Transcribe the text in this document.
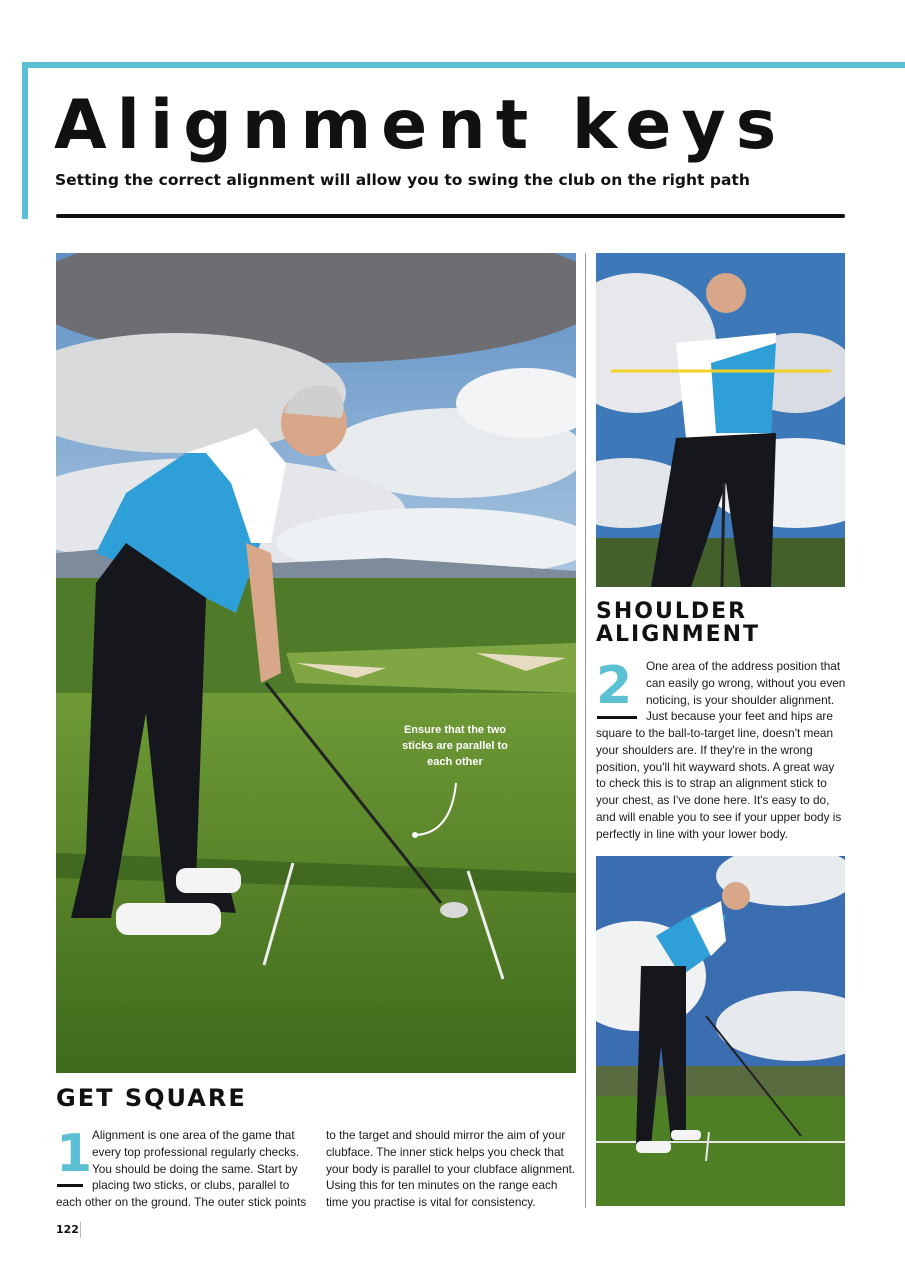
Alignment keys

Setting the correct alignment will allow you to swing the club on the right path

Ensure that the two sticks are parallel to each other

SHOULDER ALIGNMENT
2 One area of the address position that
can easily go wrong, without you even
noticing, is your shoulder alignment.
Just because your feet and hips are

square to the ball-to-target line, doesn't mean
your shoulders are. If they're in the wrong
position, you'll hit wayward shots. A great way
to check this is to strap an alignment stick to
your chest, as I've done here. It's easy to do,
and will enable you to see if your upper body is
perfectly in line with your lower body.

GET SQUARE
1 Alignment is one area of the game that
every top professional regularly checks.
You should be doing the same. Start by
placing two sticks, or clubs, parallel to

each other on the ground. The outer stick points

to the target and should mirror the aim of your
clubface. The inner stick helps you check that
your body is parallel to your clubface alignment.
Using this for ten minutes on the range each
time you practise is vital for consistency.

122
